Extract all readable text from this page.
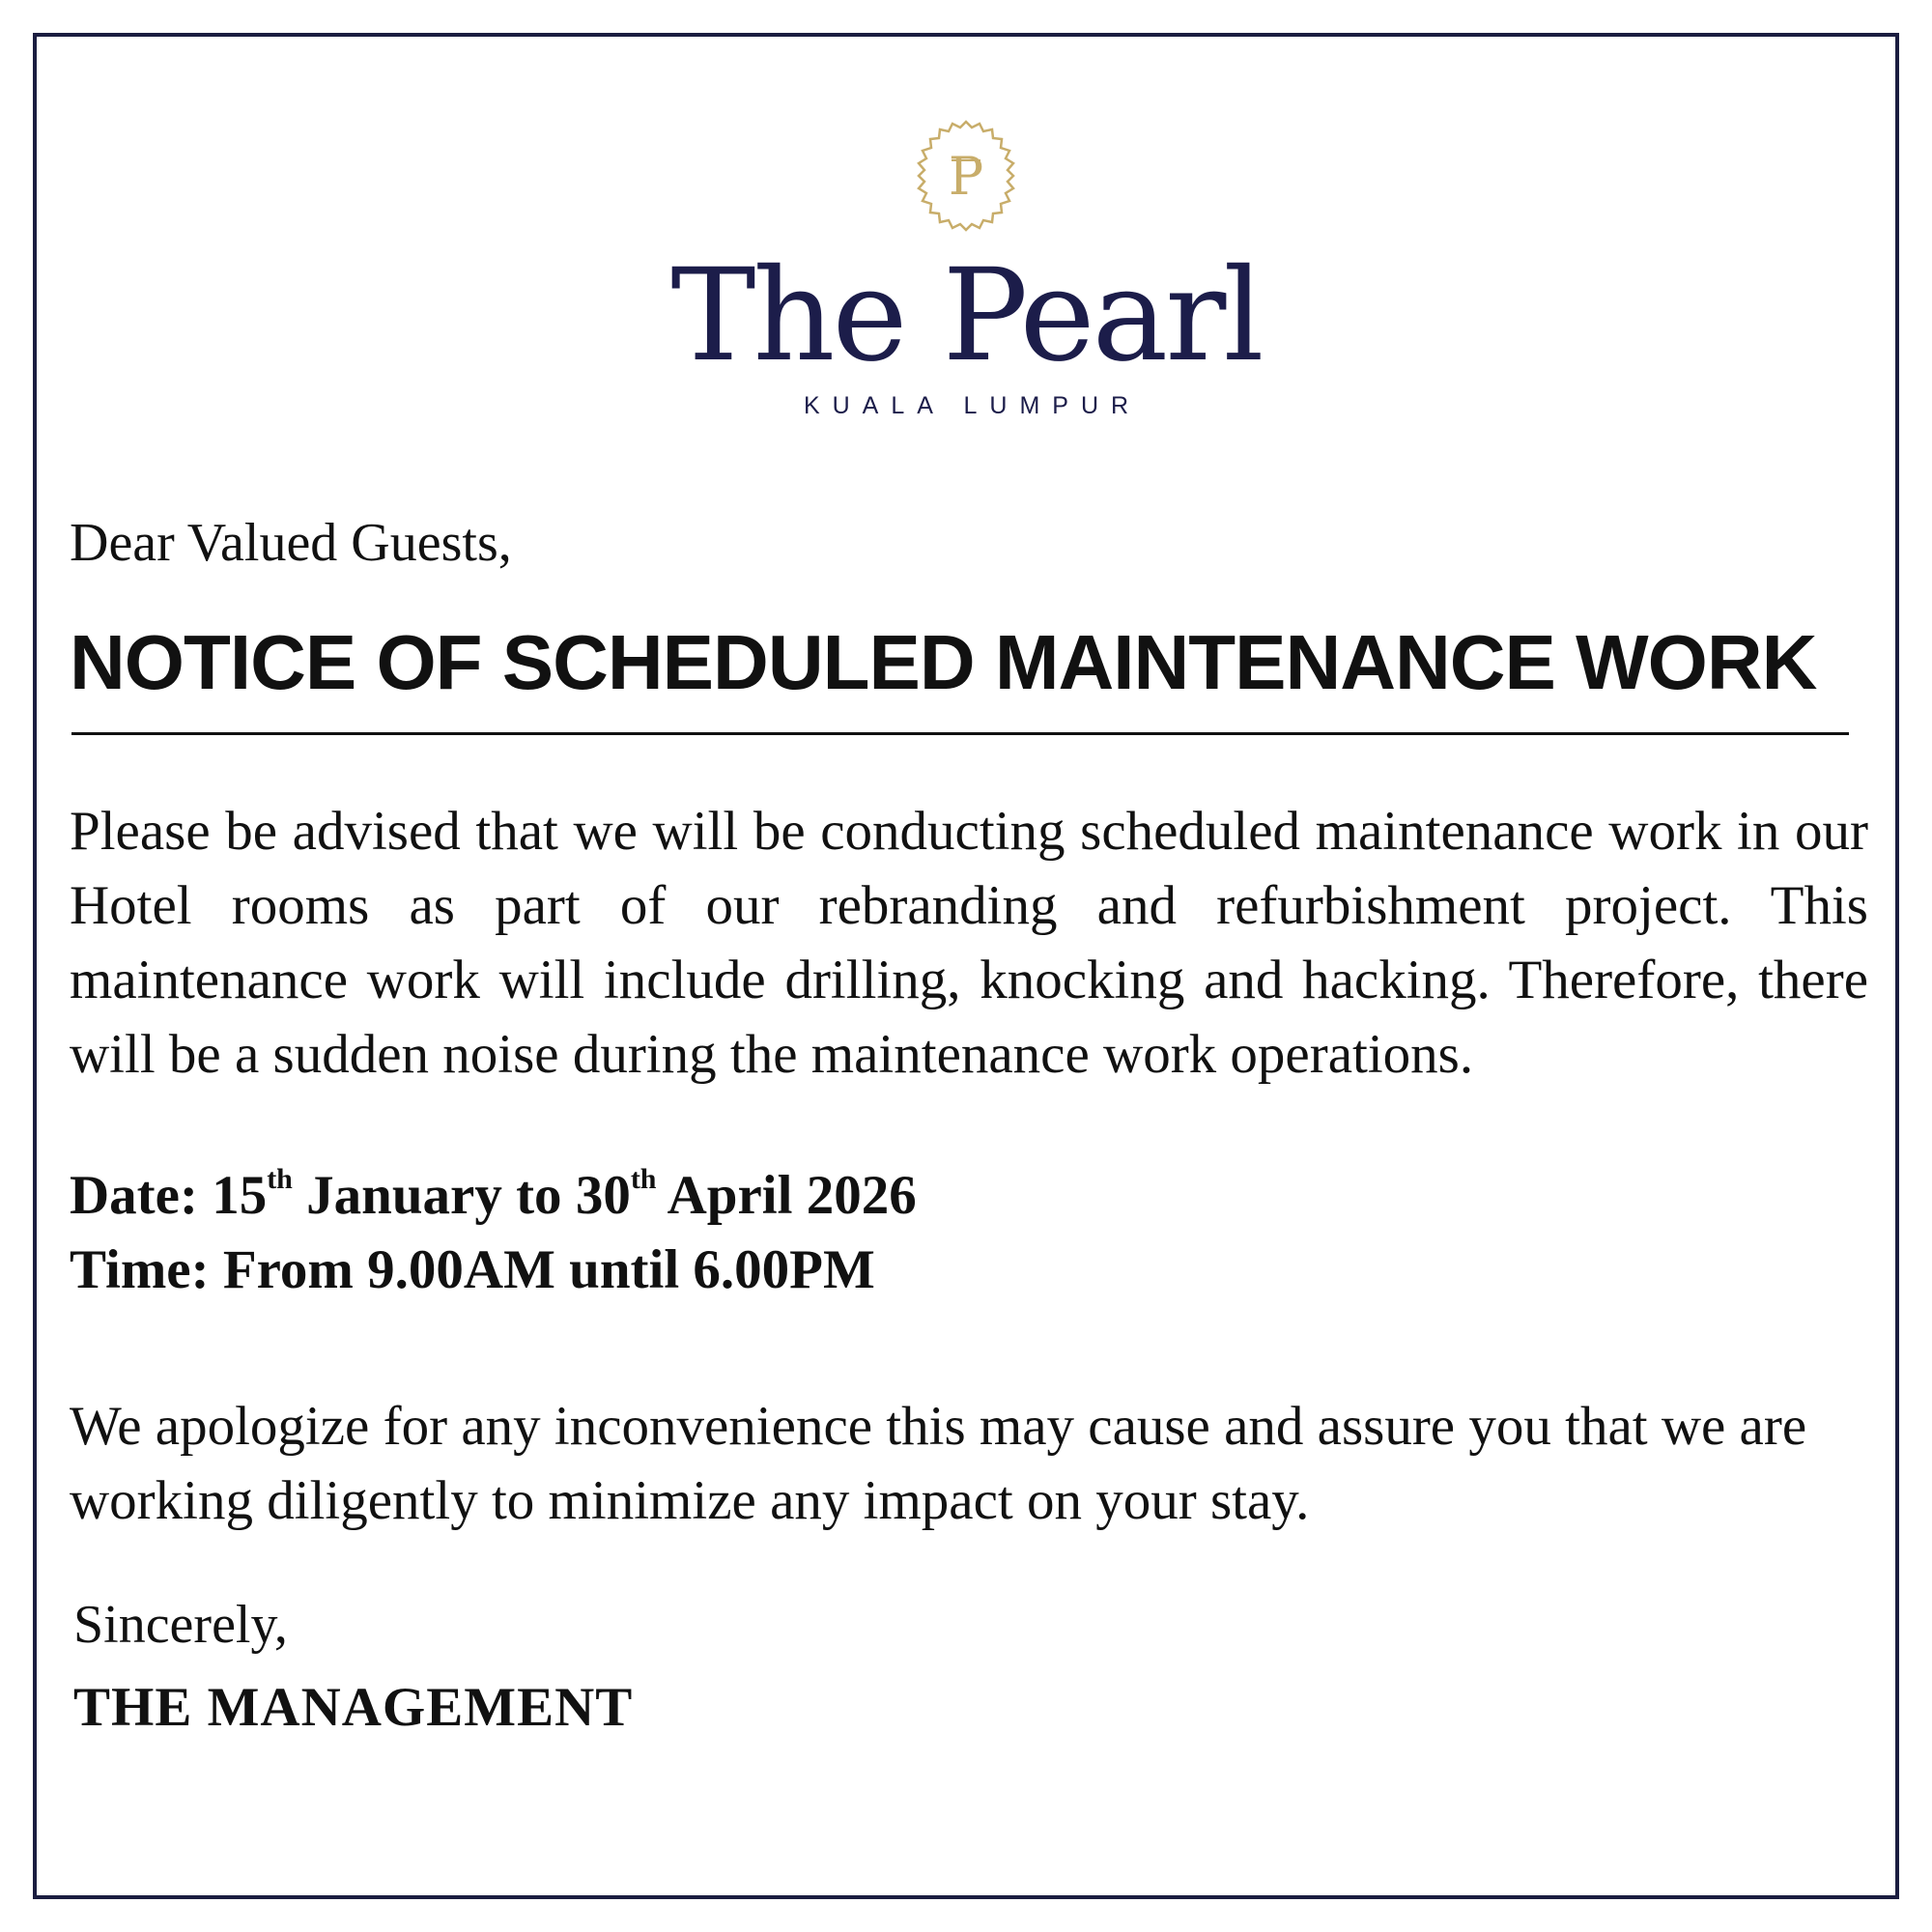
P
The Pearl
KUALA LUMPUR
Dear Valued Guests,
NOTICE OF SCHEDULED MAINTENANCE WORK
Please be advised that we will be conducting scheduled maintenance work in our Hotel rooms as part of our rebranding and refurbishment project. This maintenance work will include drilling, knocking and hacking. Therefore, there will be a sudden noise during the maintenance work operations.
Date: 15th January to 30th April 2026
Time: From 9.00AM until 6.00PM
We apologize for any inconvenience this may cause and assure you that we are working diligently to minimize any impact on your stay.
Sincerely,
THE MANAGEMENT
